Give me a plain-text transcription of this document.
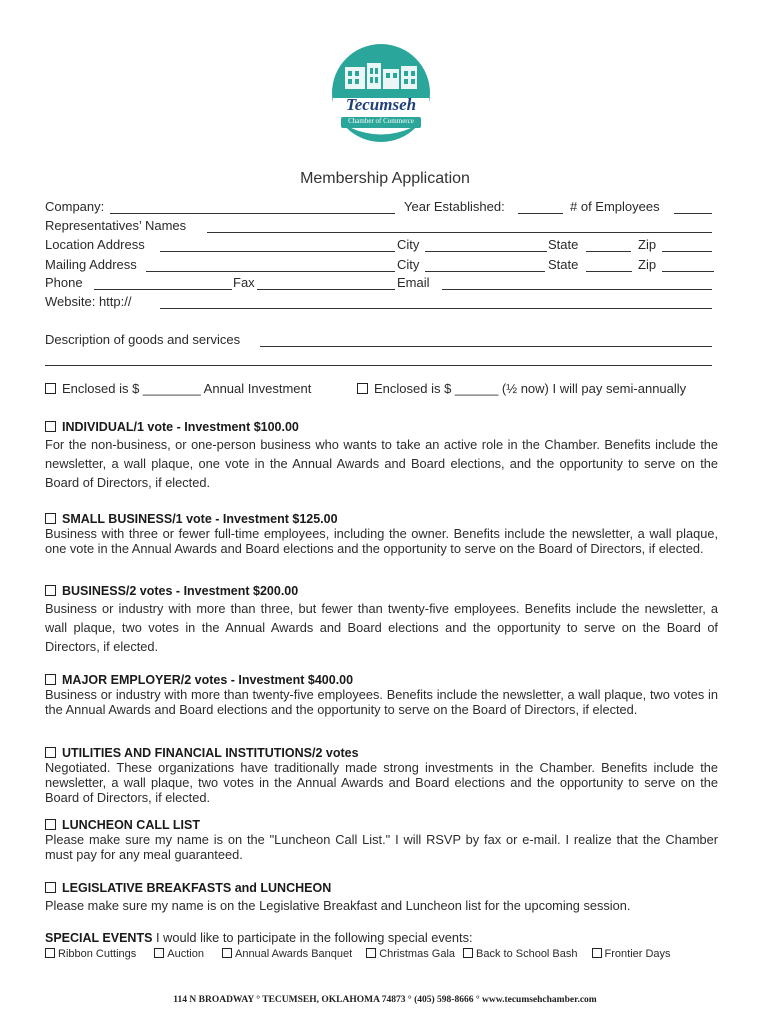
Tecumseh
Chamber of Commerce
Membership Application
Company:	Year Established:	# of Employees
Representatives’ Names
Location Address	City	State	Zip
Mailing Address	City	State	Zip
Phone	Fax	Email
Website: http://
Description of goods and services
Enclosed is $ ________ Annual Investment	Enclosed is $ ______ (½ now) I will pay semi-annually
INDIVIDUAL/1 vote - Investment $100.00
For the non-business, or one-person business who wants to take an active role in the Chamber. Benefits include the newsletter, a wall plaque, one vote in the Annual Awards and Board elections, and the opportunity to serve on the Board of Directors, if elected.
SMALL BUSINESS/1 vote - Investment $125.00
Business with three or fewer full-time employees, including the owner. Benefits include the newsletter, a wall plaque, one vote in the Annual Awards and Board elections and the opportunity to serve on the Board of Directors, if elected.
BUSINESS/2 votes - Investment $200.00
Business or industry with more than three, but fewer than twenty-five employees. Benefits include the newsletter, a wall plaque, two votes in the Annual Awards and Board elections and the opportunity to serve on the Board of Directors, if elected.
MAJOR EMPLOYER/2 votes - Investment $400.00
Business or industry with more than twenty-five employees. Benefits include the newsletter, a wall plaque, two votes in the Annual Awards and Board elections and the opportunity to serve on the Board of Directors, if elected.
UTILITIES AND FINANCIAL INSTITUTIONS/2 votes
Negotiated. These organizations have traditionally made strong investments in the Chamber. Benefits include the newsletter, a wall plaque, two votes in the Annual Awards and Board elections and the opportunity to serve on the Board of Directors, if elected.
LUNCHEON CALL LIST
Please make sure my name is on the "Luncheon Call List." I will RSVP by fax or e-mail. I realize that the Chamber must pay for any meal guaranteed.
LEGISLATIVE BREAKFASTS and LUNCHEON
Please make sure my name is on the Legislative Breakfast and Luncheon list for the upcoming session.
SPECIAL EVENTS I would like to participate in the following special events:
Ribbon Cuttings	Auction	Annual Awards Banquet Christmas Gala Back to School Bash Frontier Days
114 N BROADWAY ° TECUMSEH, OKLAHOMA 74873 ° (405) 598-8666 ° www.tecumsehchamber.com
